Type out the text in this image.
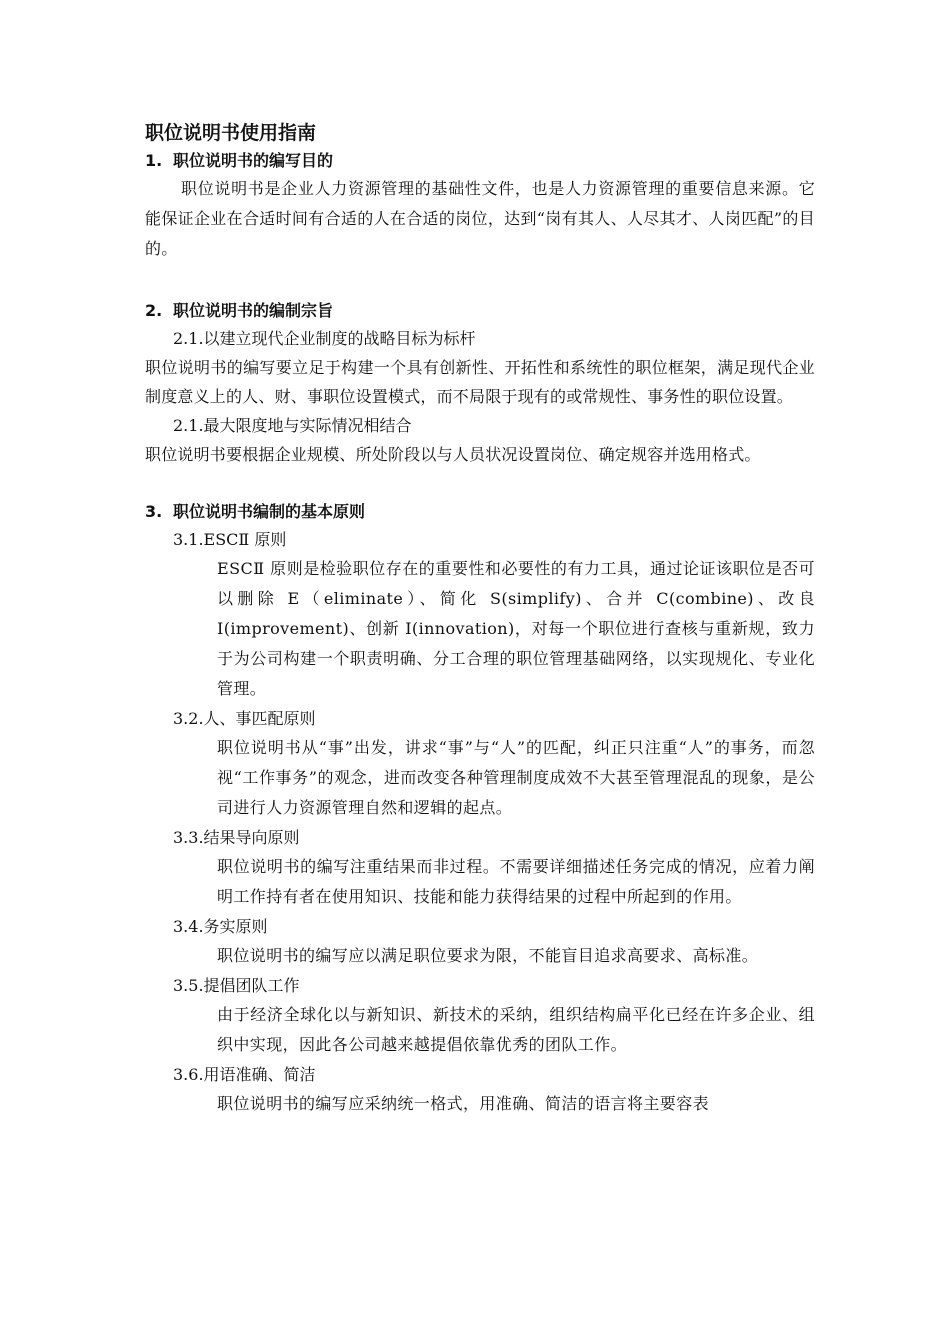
职位说明书使用指南
1. 职位说明书的编写目的

职位说明书是企业人力资源管理的基础性文件，也是人力资源管理的重要信息来源。它能保证企业在合适时间有合适的人在合适的岗位，达到“岗有其人、人尽其才、人岗匹配”的目的。

2. 职位说明书的编制宗旨
2.1.以建立现代企业制度的战略目标为标杆

职位说明书的编写要立足于构建一个具有创新性、开拓性和系统性的职位框架，满足现代企业制度意义上的人、财、事职位设置模式，而不局限于现有的或常规性、事务性的职位设置。

2.1.最大限度地与实际情况相结合

职位说明书要根据企业规模、所处阶段以与人员状况设置岗位、确定规容并选用格式。

3. 职位说明书编制的基本原则
3.1.ESCⅡ 原则

ESCⅡ 原则是检验职位存在的重要性和必要性的有力工具，通过论证该职位是否可以删除 E（eliminate）、简化 S(simplify)、合并 C(combine)、改良 I(improvement)、创新 I(innovation)，对每一个职位进行查核与重新规，致力于为公司构建一个职责明确、分工合理的职位管理基础网络，以实现规化、专业化管理。

3.2.人、事匹配原则

职位说明书从“事”出发，讲求“事”与“人”的匹配，纠正只注重“人”的事务，而忽视“工作事务”的观念，进而改变各种管理制度成效不大甚至管理混乱的现象，是公司进行人力资源管理自然和逻辑的起点。

3.3.结果导向原则

职位说明书的编写注重结果而非过程。不需要详细描述任务完成的情况，应着力阐明工作持有者在使用知识、技能和能力获得结果的过程中所起到的作用。

3.4.务实原则

职位说明书的编写应以满足职位要求为限，不能盲目追求高要求、高标准。

3.5.提倡团队工作

由于经济全球化以与新知识、新技术的采纳，组织结构扁平化已经在许多企业、组织中实现，因此各公司越来越提倡依靠优秀的团队工作。

3.6.用语准确、简洁

职位说明书的编写应采纳统一格式，用准确、简洁的语言将主要容表
